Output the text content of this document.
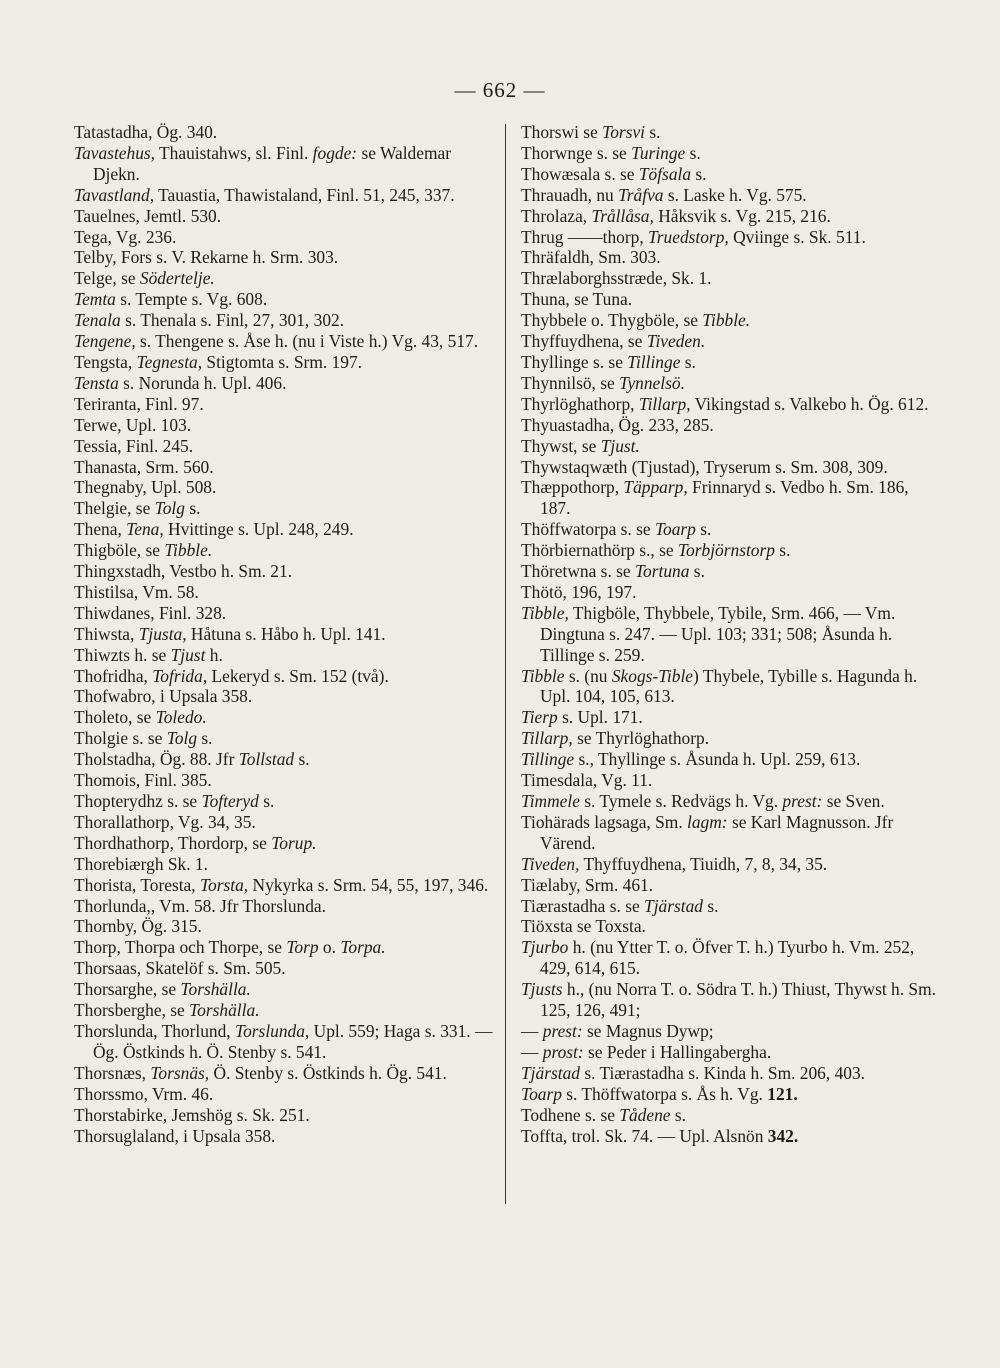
— 662 —

Tatastadha, Ög. 340.

Tavastehus, Thauistahws, sl. Finl. fogde: se Waldemar Djekn.

Tavastland, Tauastia, Thawistaland, Finl. 51, 245, 337.

Tauelnes, Jemtl. 530.

Tega, Vg. 236.

Telby, Fors s. V. Rekarne h. Srm. 303.

Telge, se Södertelje.

Temta s. Tempte s. Vg. 608.

Tenala s. Thenala s. Finl, 27, 301, 302.

Tengene, s. Thengene s. Åse h. (nu i Viste h.) Vg. 43, 517.

Tengsta, Tegnesta, Stigtomta s. Srm. 197.

Tensta s. Norunda h. Upl. 406.

Teriranta, Finl. 97.

Terwe, Upl. 103.

Tessia, Finl. 245.

Thanasta, Srm. 560.

Thegnaby, Upl. 508.

Thelgie, se Tolg s.

Thena, Tena, Hvittinge s. Upl. 248, 249.

Thigböle, se Tibble.

Thingxstadh, Vestbo h. Sm. 21.

Thistilsa, Vm. 58.

Thiwdanes, Finl. 328.

Thiwsta, Tjusta, Håtuna s. Håbo h. Upl. 141.

Thiwzts h. se Tjust h.

Thofridha, Tofrida, Lekeryd s. Sm. 152 (två).

Thofwabro, i Upsala 358.

Tholeto, se Toledo.

Tholgie s. se Tolg s.

Tholstadha, Ög. 88. Jfr Tollstad s.

Thomois, Finl. 385.

Thopterydhz s. se Tofteryd s.

Thorallathorp, Vg. 34, 35.

Thordhathorp, Thordorp, se Torup.

Thorebiærgh Sk. 1.

Thorista, Toresta, Torsta, Nykyrka s. Srm. 54, 55, 197, 346.

Thorlunda,, Vm. 58. Jfr Thorslunda.

Thornby, Ög. 315.

Thorp, Thorpa och Thorpe, se Torp o. Torpa.

Thorsaas, Skatelöf s. Sm. 505.

Thorsarghe, se Torshälla.

Thorsberghe, se Torshälla.

Thorslunda, Thorlund, Torslunda, Upl. 559; Haga s. 331. — Ög. Östkinds h. Ö. Stenby s. 541.

Thorsnæs, Torsnäs, Ö. Stenby s. Östkinds h. Ög. 541.

Thorssmo, Vrm. 46.

Thorstabirke, Jemshög s. Sk. 251.

Thorsuglaland, i Upsala 358.

Thorswi se Torsvi s.

Thorwnge s. se Turinge s.

Thowæsala s. se Töfsala s.

Thrauadh, nu Tråfva s. Laske h. Vg. 575.

Throlaza, Trållåsa, Håksvik s. Vg. 215, 216.

Thrug ——thorp, Truedstorp, Qviinge s. Sk. 511.

Thräfaldh, Sm. 303.

Thrælaborghsstræde, Sk. 1.

Thuna, se Tuna.

Thybbele o. Thygböle, se Tibble.

Thyffuydhena, se Tiveden.

Thyllinge s. se Tillinge s.

Thynnilsö, se Tynnelsö.

Thyrlöghathorp, Tillarp, Vikingstad s. Valkebo h. Ög. 612.

Thyuastadha, Ög. 233, 285.

Thywst, se Tjust.

Thywstaqwæth (Tjustad), Tryserum s. Sm. 308, 309.

Thæppothorp, Täpparp, Frinnaryd s. Vedbo h. Sm. 186, 187.

Thöffwatorpa s. se Toarp s.

Thörbiernathörp s., se Torbjörnstorp s.

Thöretwna s. se Tortuna s.

Thötö, 196, 197.

Tibble, Thigböle, Thybbele, Tybile, Srm. 466, — Vm. Dingtuna s. 247. — Upl. 103; 331; 508; Åsunda h. Tillinge s. 259.

Tibble s. (nu Skogs-Tible) Thybele, Tybille s. Hagunda h. Upl. 104, 105, 613.

Tierp s. Upl. 171.

Tillarp, se Thyrlöghathorp.

Tillinge s., Thyllinge s. Åsunda h. Upl. 259, 613.

Timesdala, Vg. 11.

Timmele s. Tymele s. Redvägs h. Vg. prest: se Sven.

Tiohärads lagsaga, Sm. lagm: se Karl Magnusson. Jfr Värend.

Tiveden, Thyffuydhena, Tiuidh, 7, 8, 34, 35.

Tiælaby, Srm. 461.

Tiærastadha s. se Tjärstad s.

Tiöxsta se Toxsta.

Tjurbo h. (nu Ytter T. o. Öfver T. h.) Tyurbo h. Vm. 252, 429, 614, 615.

Tjusts h., (nu Norra T. o. Södra T. h.) Thiust, Thywst h. Sm. 125, 126, 491;

— prest: se Magnus Dywp;

— prost: se Peder i Hallingabergha.

Tjärstad s. Tiærastadha s. Kinda h. Sm. 206, 403.

Toarp s. Thöffwatorpa s. Ås h. Vg. 121.

Todhene s. se Tådene s.

Toffta, trol. Sk. 74. — Upl. Alsnön 342.
